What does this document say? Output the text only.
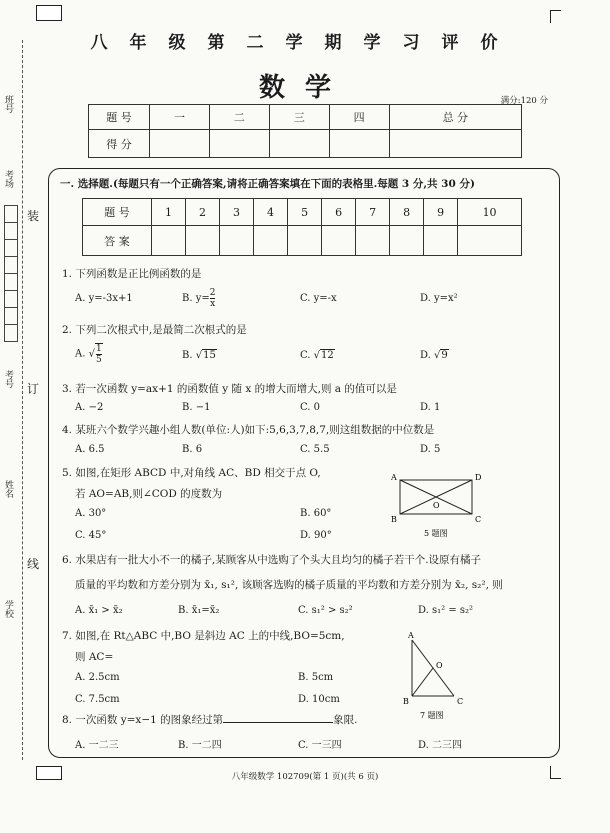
装
订
线
班号
考场
考号
姓名
学校
八年级第二学期学习评价
数学	满分:120 分
题 号	一	二	三	四	总 分
得 分					
一. 选择题.(每题只有一个正确答案,请将正确答案填在下面的表格里.每题 3 分,共 30 分)
题 号	1	2	3	4	5	6	7	8	9	10
答 案										
1. 下列函数是正比例函数的是
A. y=-3x+1	B. $y= \frac{2}{x}$	C. y=-x	D. y=x²
2. 下列二次根式中,是最简二次根式的是
A. √ $\frac{1}{5}$	B. √15	C. √12	D. √9
3. 若一次函数 y=ax+1 的函数值 y 随 x 的增大而增大,则 a 的值可以是
A. −2	B. −1	C. 0	D. 1
4. 某班六个数学兴趣小组人数(单位:人)如下:5,6,3,7,8,7,则这组数据的中位数是
A. 6.5	B. 6	C. 5.5	D. 5
5. 如图,在矩形 ABCD 中,对角线 AC、BD 相交于点 O,
若 AO=AB,则∠COD 的度数为
A. 30°	B. 60°
C. 45°	D. 90°
A	D
O
B	C
5 题图
6. 水果店有一批大小不一的橘子,某顾客从中选购了个头大且均匀的橘子若干个.设原有橘子
质量的平均数和方差分别为 x̄₁, s₁², 该顾客选购的橘子质量的平均数和方差分别为 x̄₂, s₂², 则
A. x̄₁ > x̄₂	B. x̄₁=x̄₂	C. s₁² > s₂²	D. s₁² = s₂²
7. 如图,在 Rt△ABC 中,BO 是斜边 AC 上的中线,BO=5cm,
则 AC=
A. 2.5cm	B. 5cm
C. 7.5cm	D. 10cm
A
O
B	C
7 题图
8. 一次函数 y=x−1 的图象经过第	象限.
A. 一二三	B. 一二四	C. 一三四	D. 二三四
八年级数学 102709(第 1 页)(共 6 页)
